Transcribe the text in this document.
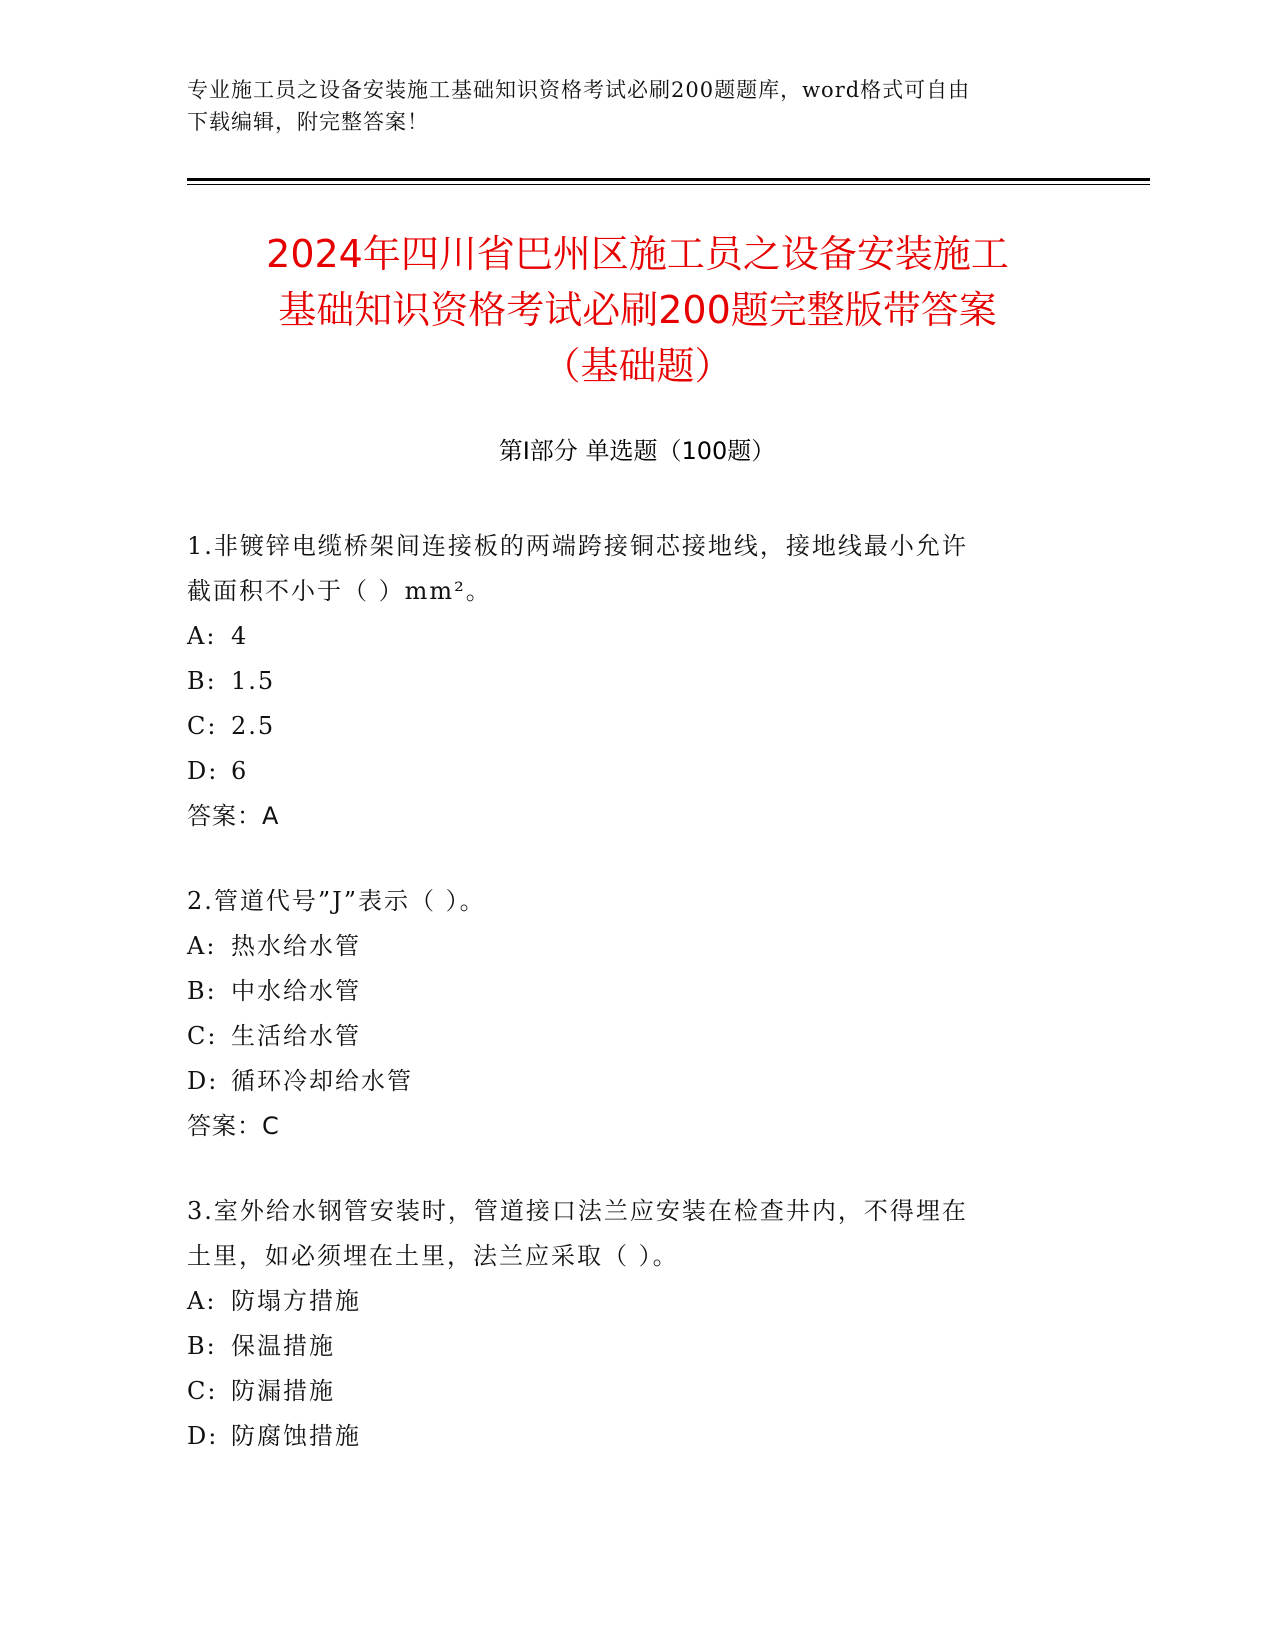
专业施工员之设备安装施工基础知识资格考试必刷200题题库，word格式可自由
下载编辑，附完整答案！
2024年四川省巴州区施工员之设备安装施工
基础知识资格考试必刷200题完整版带答案
（基础题）
第Ⅰ部分 单选题（100题）
1.非镀锌电缆桥架间连接板的两端跨接铜芯接地线，接地线最小允许
截面积不小于（ ）mm²。
A: 4
B: 1.5
C: 2.5
D: 6
答案：A
2.管道代号”J”表示（ ）。
A: 热水给水管
B: 中水给水管
C: 生活给水管
D: 循环冷却给水管
答案：C
3.室外给水钢管安装时，管道接口法兰应安装在检查井内，不得埋在
土里，如必须埋在土里，法兰应采取（ ）。
A: 防塌方措施
B: 保温措施
C: 防漏措施
D: 防腐蚀措施
